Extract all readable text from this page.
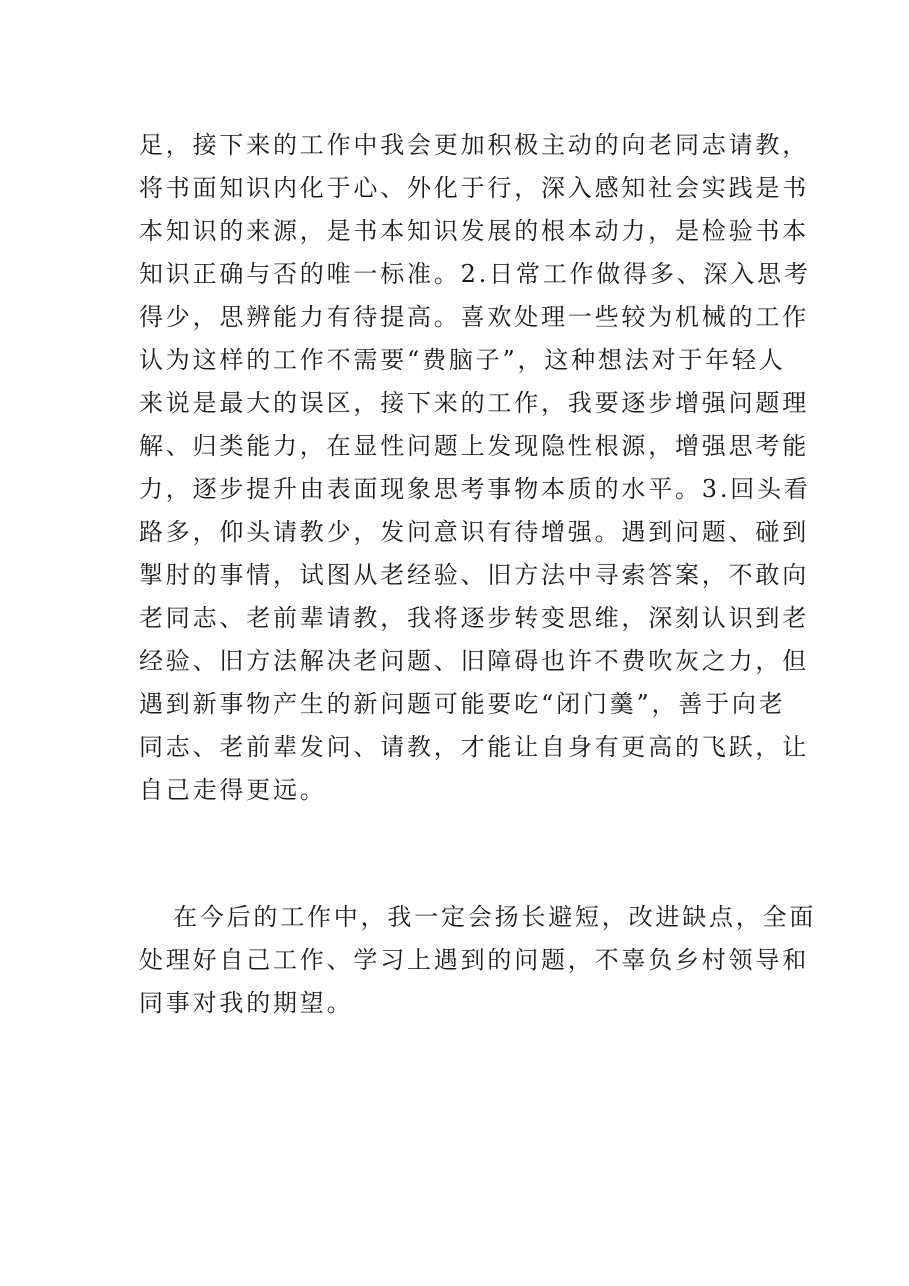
足，接下来的工作中我会更加积极主动的向老同志请教，
将书面知识内化于心、外化于行，深入感知社会实践是书
本知识的来源，是书本知识发展的根本动力，是检验书本
知识正确与否的唯一标准。2.日常工作做得多、深入思考
得少，思辨能力有待提高。喜欢处理一些较为机械的工作
认为这样的工作不需要“费脑子”，这种想法对于年轻人
来说是最大的误区，接下来的工作，我要逐步增强问题理
解、归类能力，在显性问题上发现隐性根源，增强思考能
力，逐步提升由表面现象思考事物本质的水平。3.回头看
路多，仰头请教少，发问意识有待增强。遇到问题、碰到
掣肘的事情，试图从老经验、旧方法中寻索答案，不敢向
老同志、老前辈请教，我将逐步转变思维，深刻认识到老
经验、旧方法解决老问题、旧障碍也许不费吹灰之力，但
遇到新事物产生的新问题可能要吃“闭门羹”，善于向老
同志、老前辈发问、请教，才能让自身有更高的飞跃，让
自己走得更远。
在今后的工作中，我一定会扬长避短，改进缺点，全面
处理好自己工作、学习上遇到的问题，不辜负乡村领导和
同事对我的期望。
